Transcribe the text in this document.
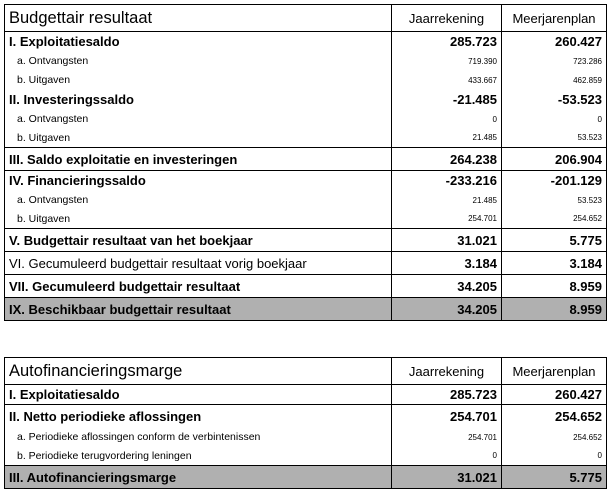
Budgettair resultaat	Jaarrekening	Meerjarenplan
I. Exploitatiesaldo	285.723	260.427
a. Ontvangsten	719.390	723.286
b. Uitgaven	433.667	462.859
II. Investeringssaldo	-21.485	-53.523
a. Ontvangsten	0	0
b. Uitgaven	21.485	53.523
III. Saldo exploitatie en investeringen	264.238	206.904
IV. Financieringssaldo	-233.216	-201.129
a. Ontvangsten	21.485	53.523
b. Uitgaven	254.701	254.652
V. Budgettair resultaat van het boekjaar	31.021	5.775
VI. Gecumuleerd budgettair resultaat vorig boekjaar	3.184	3.184
VII. Gecumuleerd budgettair resultaat	34.205	8.959
IX. Beschikbaar budgettair resultaat	34.205	8.959
Autofinancieringsmarge	Jaarrekening	Meerjarenplan
I. Exploitatiesaldo	285.723	260.427
II. Netto periodieke aflossingen	254.701	254.652
a. Periodieke aflossingen conform de verbintenissen	254.701	254.652
b. Periodieke terugvordering leningen	0	0
III. Autofinancieringsmarge	31.021	5.775
